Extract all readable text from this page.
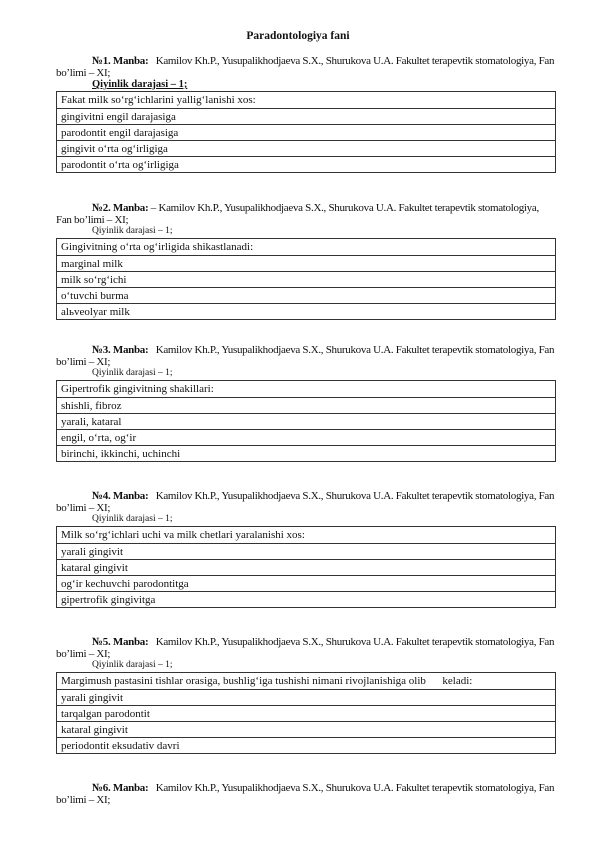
Paradontologiya fani
№1. Manba: Kamilov Kh.P., Yusupalikhodjaeva S.X., Shurukova U.A. Fakultet terapevtik stomatologiya, Fan bo’limi – XI;
Qiyinlik darajasi – 1;
Fakat milk so‘rg‘ichlarini yallig‘lanishi xos:
gingivitni engil darajasiga
parodontit engil darajasiga
gingivit o‘rta og‘irligiga
parodontit o‘rta og‘irligiga
№2. Manba: – Kamilov Kh.P., Yusupalikhodjaeva S.X., Shurukova U.A. Fakultet terapevtik stomatologiya, Fan bo’limi – XI;
Qiyinlik darajasi – 1;
Gingivitning o‘rta og‘irligida shikastlanadi:
marginal milk
milk so‘rg‘ichi
o‘tuvchi burma
alьveolyar milk
№3. Manba: Kamilov Kh.P., Yusupalikhodjaeva S.X., Shurukova U.A. Fakultet terapevtik stomatologiya, Fan bo’limi – XI;
Qiyinlik darajasi – 1;
Gipertrofik gingivitning shakillari:
shishli, fibroz
yarali, kataral
engil, o‘rta, og‘ir
birinchi, ikkinchi, uchinchi
№4. Manba: Kamilov Kh.P., Yusupalikhodjaeva S.X., Shurukova U.A. Fakultet terapevtik stomatologiya, Fan bo’limi – XI;
Qiyinlik darajasi – 1;
Milk so‘rg‘ichlari uchi va milk chetlari yaralanishi xos:
yarali gingivit
kataral gingivit
og‘ir kechuvchi parodontitga
gipertrofik gingivitga
№5. Manba: Kamilov Kh.P., Yusupalikhodjaeva S.X., Shurukova U.A. Fakultet terapevtik stomatologiya, Fan bo’limi – XI;
Qiyinlik darajasi – 1;
Margimush pastasini tishlar orasiga, bushlig‘iga tushishi nimani rivojlanishiga olib      keladi:
yarali gingivit
tarqalgan parodontit
kataral gingivit
periodontit eksudativ davri
№6. Manba: Kamilov Kh.P., Yusupalikhodjaeva S.X., Shurukova U.A. Fakultet terapevtik stomatologiya, Fan bo’limi – XI;
